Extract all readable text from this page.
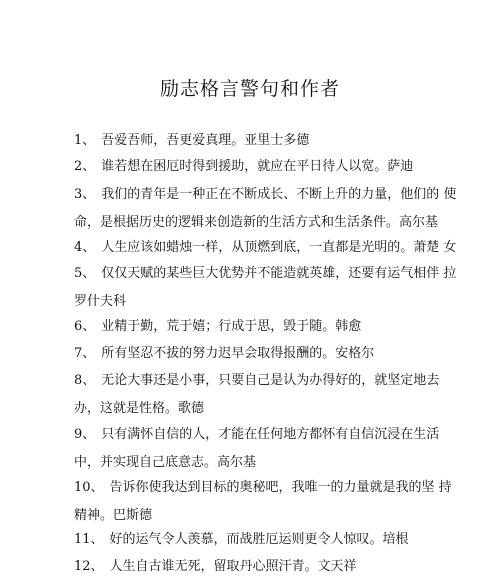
励志格言警句和作者
1、 吾爱吾师，吾更爱真理。亚里士多德
2、 谁若想在困厄时得到援助，就应在平日待人以宽。萨迪
3、 我们的青年是一种正在不断成长、不断上升的力量，他们的 使
命，是根据历史的逻辑来创造新的生活方式和生活条件。高尔基
4、 人生应该如蜡烛一样，从顶燃到底，一直都是光明的。萧楚 女
5、 仅仅天赋的某些巨大优势并不能造就英雄，还要有运气相伴 拉
罗什夫科
6、 业精于勤，荒于嬉；行成于思，毁于随。韩愈
7、 所有坚忍不拔的努力迟早会取得报酬的。安格尔
8、 无论大事还是小事，只要自己是认为办得好的，就坚定地去
办，这就是性格。歌德
9、 只有满怀自信的人，才能在任何地方都怀有自信沉浸在生活
中，并实现自己底意志。高尔基
10、 告诉你使我达到目标的奥秘吧，我唯一的力量就是我的坚 持
精神。巴斯德
11、 好的运气令人羡慕，而战胜厄运则更令人惊叹。培根
12、 人生自古谁无死，留取丹心照汗青。文天祥
